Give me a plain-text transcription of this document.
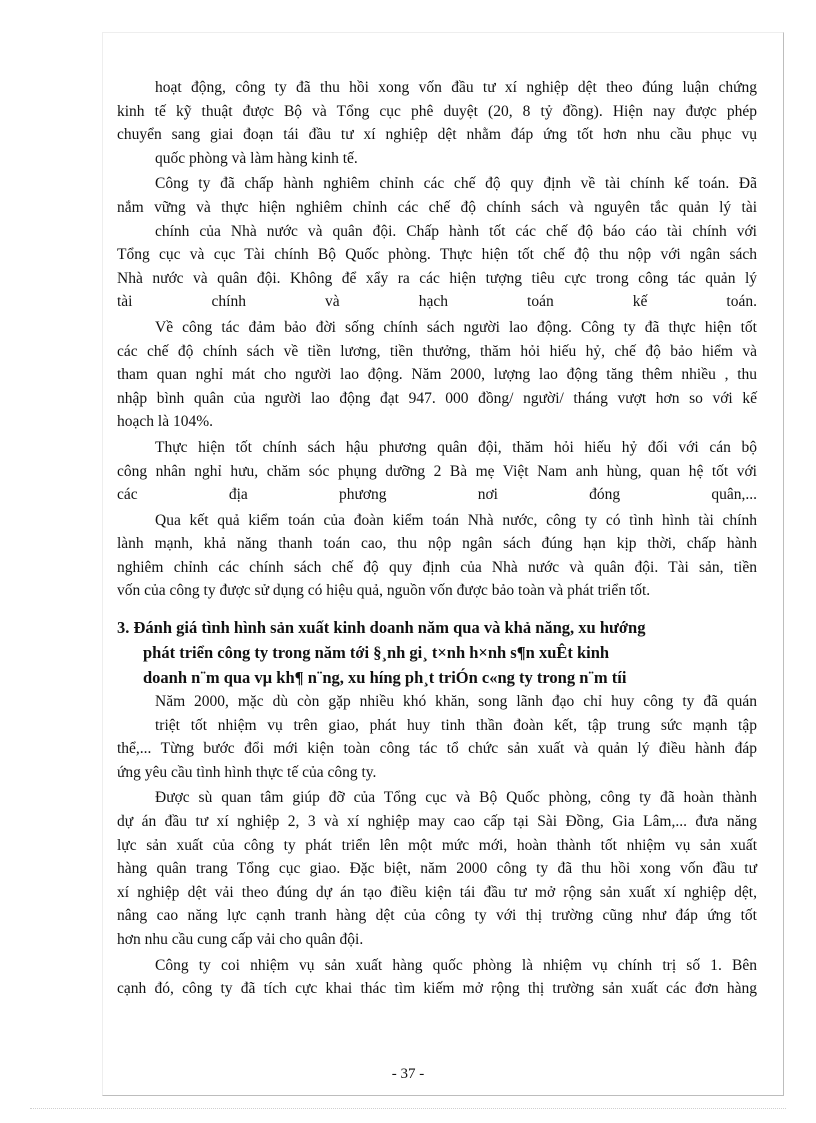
hoạt động, công ty đã thu hồi xong vốn đầu tư xí nghiệp dệt theo đúng luận chứng
kinh tế kỹ thuật được Bộ và Tổng cục phê duyệt (20, 8 tỷ đồng). Hiện nay được phép
chuyển sang giai đoạn tái đầu tư xí nghiệp dệt nhằm đáp ứng tốt hơn nhu cầu phục vụ
quốc phòng và làm hàng kinh tế.
Công ty đã chấp hành nghiêm chỉnh các chế độ quy định về tài chính kế toán. Đã
nắm vững và thực hiện nghiêm chỉnh các chế độ chính sách và nguyên tắc quản lý tài
chính của Nhà nước và quân đội. Chấp hành tốt các chế độ báo cáo tài chính với
Tổng cục và cục Tài chính Bộ Quốc phòng. Thực hiện tốt chế độ thu nộp với ngân sách
Nhà nước và quân đội. Không để xẩy ra các hiện tượng tiêu cực trong công tác quản lý
tài chính và hạch toán kế toán.
Về công tác đảm bảo đời sống chính sách người lao động. Công ty đã thực hiện tốt
các chế độ chính sách về tiền lương, tiền thưởng, thăm hỏi hiếu hỷ, chế độ bảo hiểm và
tham quan nghỉ mát cho người lao động. Năm 2000, lượng lao động tăng thêm nhiều , thu
nhập bình quân của người lao động đạt 947. 000 đồng/ người/ tháng vượt hơn so với kế
hoạch là 104%.
Thực hiện tốt chính sách hậu phương quân đội, thăm hỏi hiếu hỷ đối với cán bộ
công nhân nghỉ hưu, chăm sóc phụng dưỡng 2 Bà mẹ Việt Nam anh hùng, quan hệ tốt với
các địa phương nơi đóng quân,...
Qua kết quả kiểm toán của đoàn kiểm toán Nhà nước, công ty có tình hình tài chính
lành mạnh, khả năng thanh toán cao, thu nộp ngân sách đúng hạn kịp thời, chấp hành
nghiêm chỉnh các chính sách chế độ quy định của Nhà nước và quân đội. Tài sản, tiền
vốn của công ty được sử dụng có hiệu quả, nguồn vốn được bảo toàn và phát triển tốt.
3. Đánh giá tình hình sản xuất kinh doanh năm qua và khả năng, xu hướng
phát triển công ty trong năm tới §¸nh gi¸ t×nh h×nh s¶n xuÊt kinh
doanh n¨m qua vµ kh¶ n¨ng, xu híng ph¸t triÓn c«ng ty trong n¨m tíi
Năm 2000, mặc dù còn gặp nhiều khó khăn, song lãnh đạo chỉ huy công ty đã quán
triệt tốt nhiệm vụ trên giao, phát huy tinh thần đoàn kết, tập trung sức mạnh tập
thể,... Từng bước đổi mới kiện toàn công tác tổ chức sản xuất và quản lý điều hành đáp
ứng yêu cầu tình hình thực tế của công ty.
Được sù quan tâm giúp đỡ của Tổng cục và Bộ Quốc phòng, công ty đã hoàn thành
dự án đầu tư xí nghiệp 2, 3 và xí nghiệp may cao cấp tại Sài Đồng, Gia Lâm,... đưa năng
lực sản xuất của công ty phát triển lên một mức mới, hoàn thành tốt nhiệm vụ sản xuất
hàng quân trang Tổng cục giao. Đặc biệt, năm 2000 công ty đã thu hồi xong vốn đầu tư
xí nghiệp dệt vải theo đúng dự án tạo điều kiện tái đầu tư mở rộng sản xuất xí nghiệp dệt,
nâng cao năng lực cạnh tranh hàng dệt của công ty với thị trường cũng như đáp ứng tốt
hơn nhu cầu cung cấp vải cho quân đội.
Công ty coi nhiệm vụ sản xuất hàng quốc phòng là nhiệm vụ chính trị số 1. Bên
cạnh đó, công ty đã tích cực khai thác tìm kiếm mở rộng thị trường sản xuất các đơn hàng
- 37 -
